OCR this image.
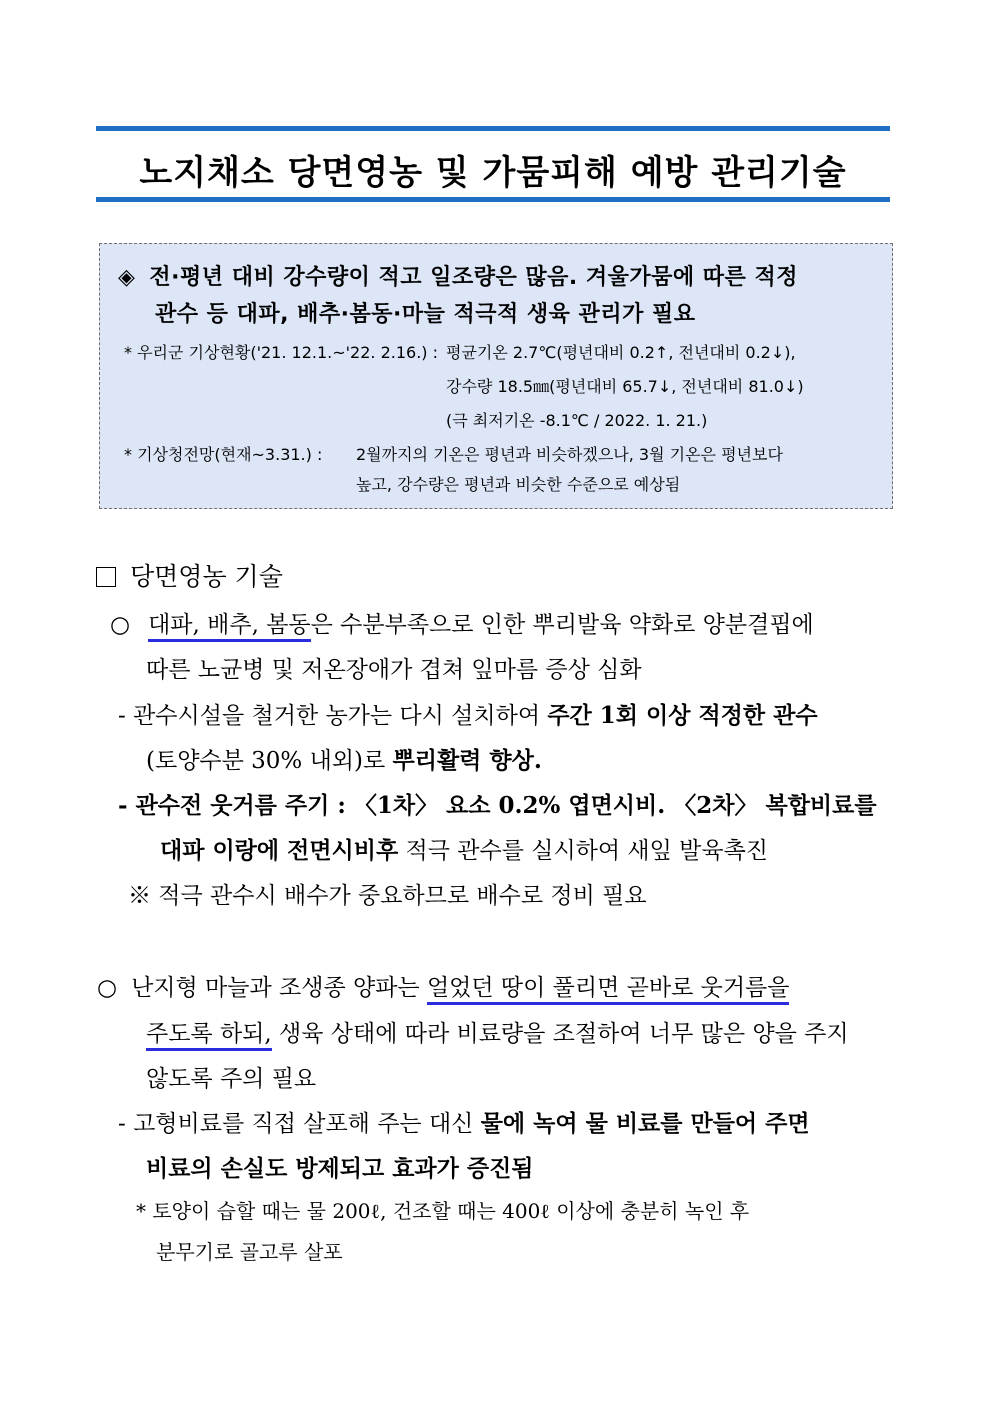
노지채소 당면영농 및 가뭄피해 예방 관리기술
◈ 전·평년 대비 강수량이 적고 일조량은 많음. 겨울가뭄에 따른 적정
관수 등 대파, 배추·봄동·마늘 적극적 생육 관리가 필요
* 우리군 기상현황('21. 12.1.~'22. 2.16.) : 평균기온 2.7℃(평년대비 0.2↑, 전년대비 0.2↓),
강수량 18.5㎜(평년대비 65.7↓, 전년대비 81.0↓)
(극 최저기온 -8.1℃ / 2022. 1. 21.)
* 기상청전망(현재~3.31.) : 2월까지의 기온은 평년과 비슷하겠으나, 3월 기온은 평년보다
높고, 강수량은 평년과 비슷한 수준으로 예상됨
당면영농 기술
○ 대파, 배추, 봄동은 수분부족으로 인한 뿌리발육 약화로 양분결핍에
따른 노균병 및 저온장애가 겹쳐 잎마름 증상 심화
- 관수시설을 철거한 농가는 다시 설치하여 주간 1회 이상 적정한 관수
(토양수분 30% 내외)로 뿌리활력 향상.
- 관수전 웃거름 주기 : 〈1차〉 요소 0.2% 엽면시비. 〈2차〉 복합비료를
대파 이랑에 전면시비후 적극 관수를 실시하여 새잎 발육촉진
※ 적극 관수시 배수가 중요하므로 배수로 정비 필요
○ 난지형 마늘과 조생종 양파는 얼었던 땅이 풀리면 곧바로 웃거름을
주도록 하되, 생육 상태에 따라 비료량을 조절하여 너무 많은 양을 주지
않도록 주의 필요
- 고형비료를 직접 살포해 주는 대신 물에 녹여 물 비료를 만들어 주면
비료의 손실도 방제되고 효과가 증진됨
* 토양이 습할 때는 물 200ℓ, 건조할 때는 400ℓ 이상에 충분히 녹인 후
분무기로 골고루 살포
